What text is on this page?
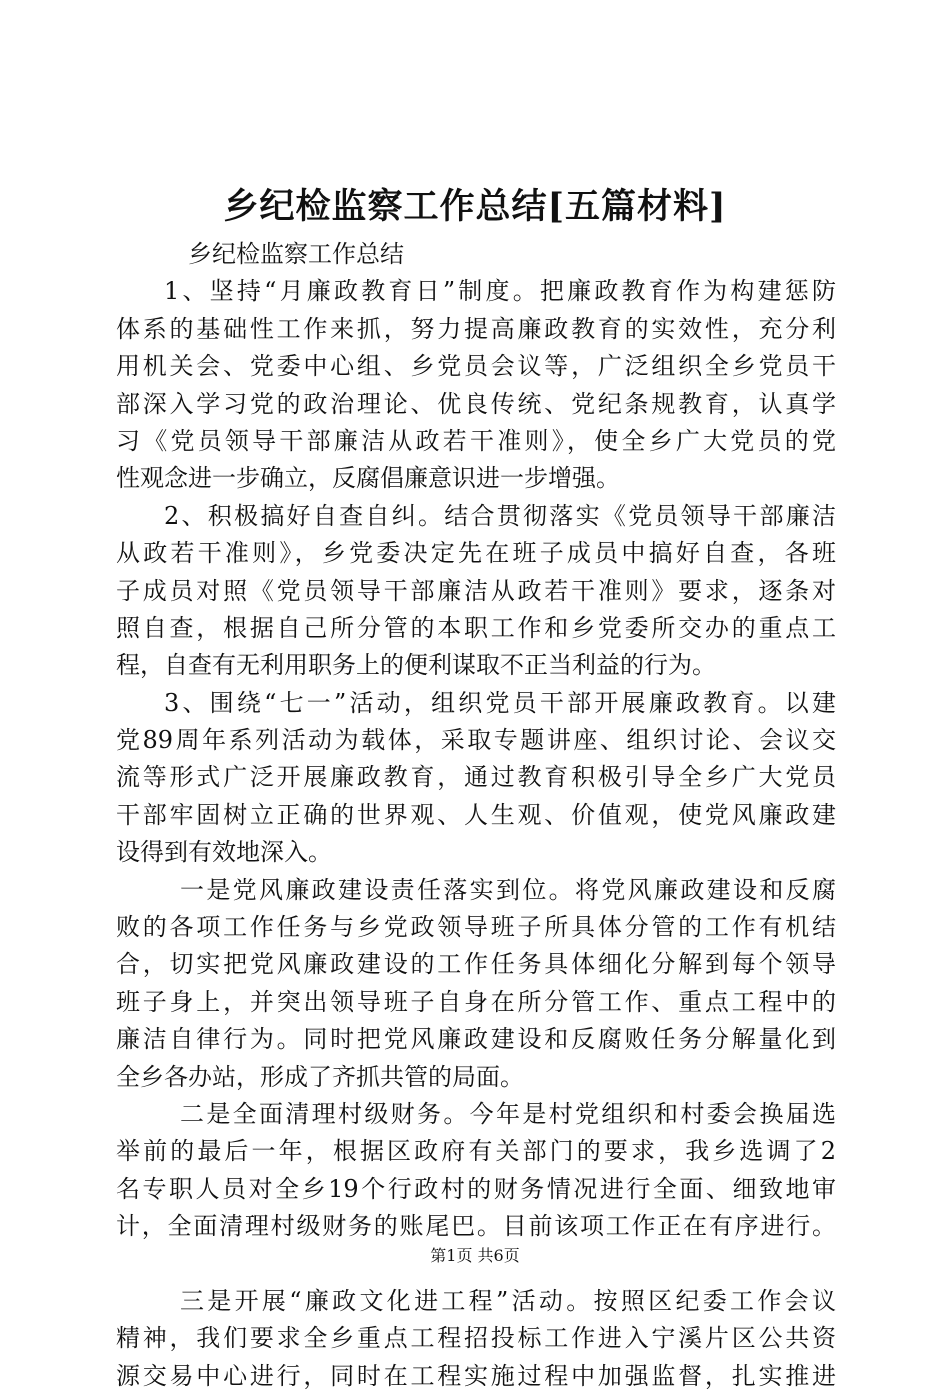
乡纪检监察工作总结[五篇材料]
乡纪检监察工作总结
1、坚持“月廉政教育日”制度。把廉政教育作为构建惩防
体系的基础性工作来抓，努力提高廉政教育的实效性，充分利
用机关会、党委中心组、乡党员会议等，广泛组织全乡党员干
部深入学习党的政治理论、优良传统、党纪条规教育，认真学
习《党员领导干部廉洁从政若干准则》，使全乡广大党员的党
性观念进一步确立，反腐倡廉意识进一步增强。
2、积极搞好自查自纠。结合贯彻落实《党员领导干部廉洁
从政若干准则》，乡党委决定先在班子成员中搞好自查，各班
子成员对照《党员领导干部廉洁从政若干准则》要求，逐条对
照自查，根据自己所分管的本职工作和乡党委所交办的重点工
程，自查有无利用职务上的便利谋取不正当利益的行为。
3、围绕“七一”活动，组织党员干部开展廉政教育。以建
党89周年系列活动为载体，采取专题讲座、组织讨论、会议交
流等形式广泛开展廉政教育，通过教育积极引导全乡广大党员
干部牢固树立正确的世界观、人生观、价值观，使党风廉政建
设得到有效地深入。
一是党风廉政建设责任落实到位。将党风廉政建设和反腐
败的各项工作任务与乡党政领导班子所具体分管的工作有机结
合，切实把党风廉政建设的工作任务具体细化分解到每个领导
班子身上，并突出领导班子自身在所分管工作、重点工程中的
廉洁自律行为。同时把党风廉政建设和反腐败任务分解量化到
全乡各办站，形成了齐抓共管的局面。
二是全面清理村级财务。今年是村党组织和村委会换届选
举前的最后一年，根据区政府有关部门的要求，我乡选调了2
名专职人员对全乡19个行政村的财务情况进行全面、细致地审
计，全面清理村级财务的账尾巴。目前该项工作正在有序进行。
三是开展“廉政文化进工程”活动。按照区纪委工作会议
精神，我们要求全乡重点工程招投标工作进入宁溪片区公共资
源交易中心进行，同时在工程实施过程中加强监督，扎实推进
第1页 共6页
